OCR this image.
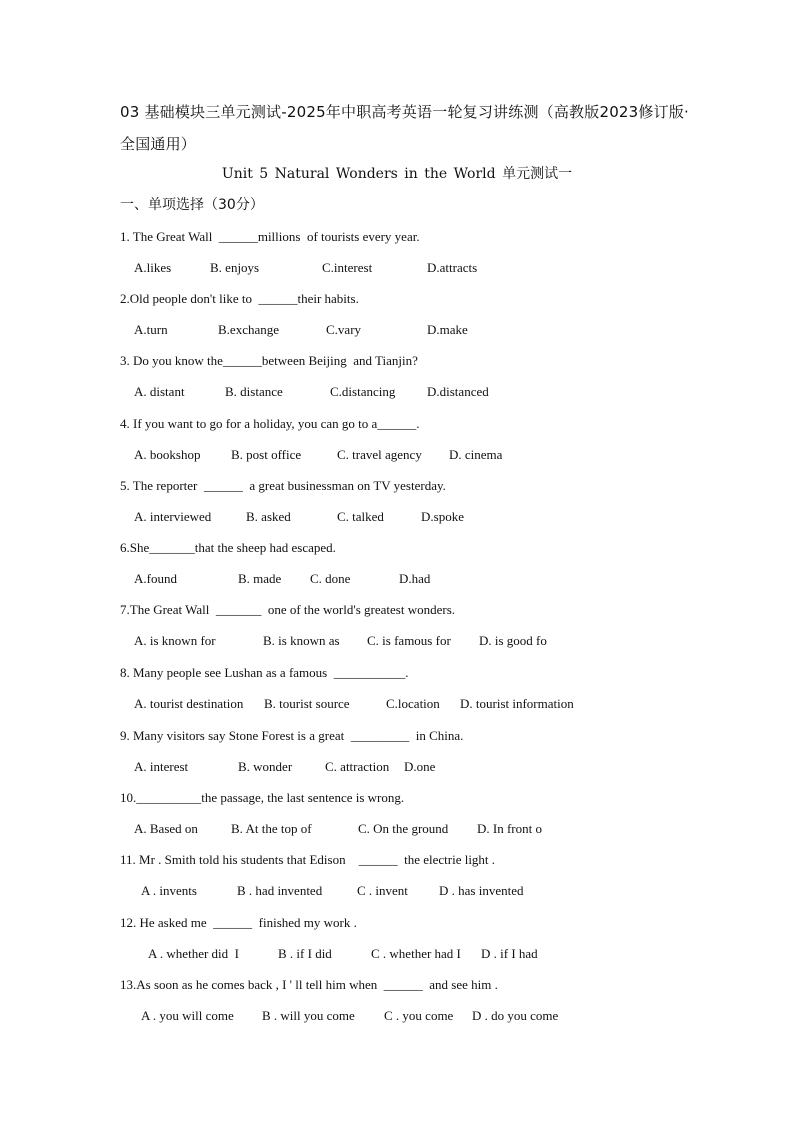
03 基础模块三单元测试-2025年中职高考英语一轮复习讲练测（高教版2023修订版·全国通用）
Unit 5 Natural Wonders in the World 单元测试一
一、单项选择（30分）
1. The Great Wall  ______millions  of tourists every year.
A.likes	B. enjoys	C.interest	D.attracts
2.Old people don't like to  ______their habits.
A.turn	B.exchange	C.vary	D.make
3. Do you know the______between Beijing  and Tianjin?
A. distant	B. distance	C.distancing D.distanced
4. If you want to go for a holiday, you can go to a______.
A. bookshop B. post office	C. travel agency D. cinema
5. The reporter  ______  a great businessman on TV yesterday.
A. interviewed	B. asked	C. talked	D.spoke
6.She_______that the sheep had escaped.
A.found	B. made C. done	D.had
7.The Great Wall  _______  one of the world's greatest wonders.
A. is known for	B. is known as C. is famous for D. is good fo
8. Many people see Lushan as a famous  ___________.
A. tourist destination B. tourist source	C.location D. tourist information
9. Many visitors say Stone Forest is a great  _________  in China.
A. interest	B. wonder	C. attraction D.one
10.__________the passage, the last sentence is wrong.
A. Based on	B. At the top of	C. On the ground D. In front o
11. Mr . Smith told his students that Edison    ______  the electrie light .
A . invents	B . had invented	C . invent D . has invented
12. He asked me  ______  finished my work .
A . whether did  I	B . if I did	C . whether had I D . if I had
13.As soon as he comes back , I ' ll tell him when  ______  and see him .
A . you will come B . will you come C . you come D . do you come
